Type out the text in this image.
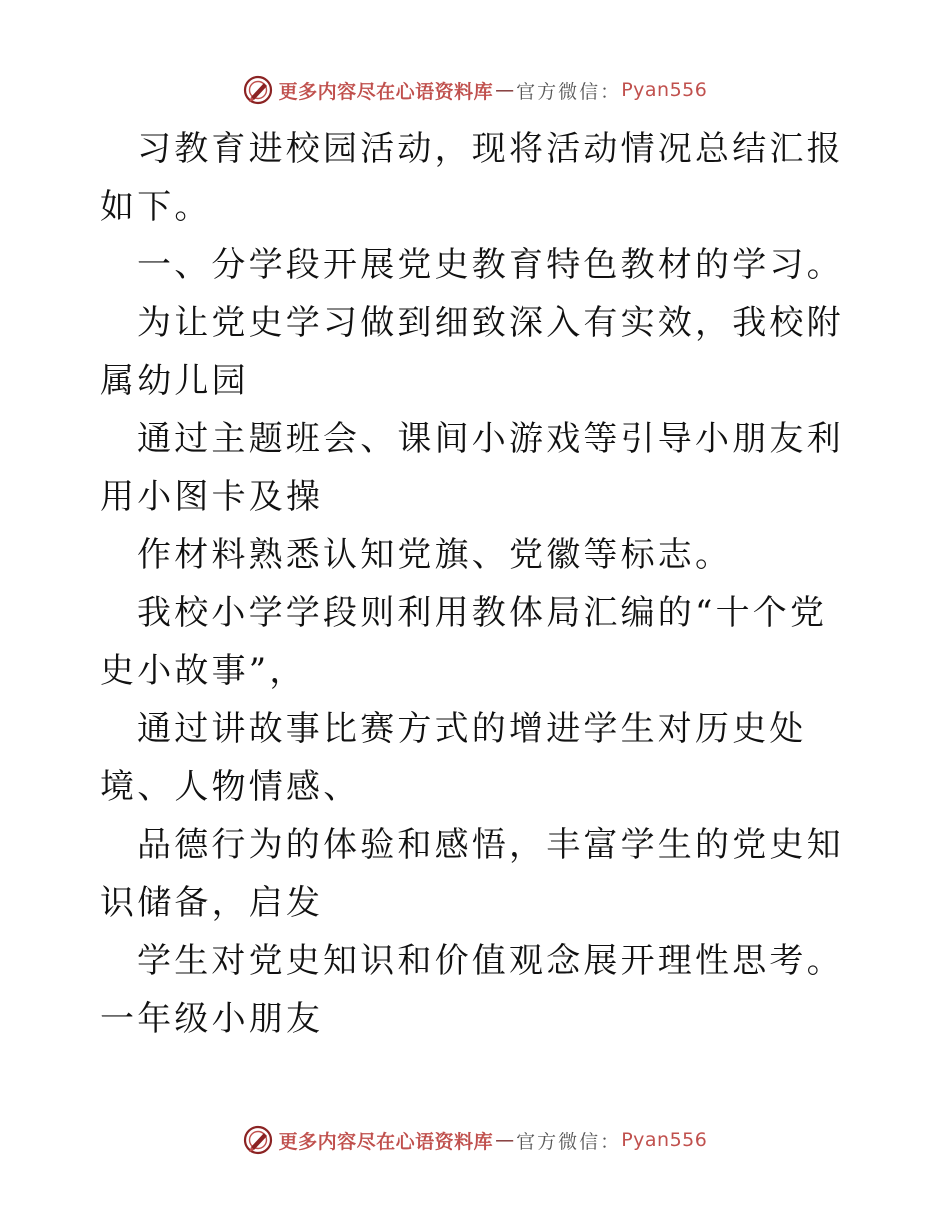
更多内容尽在心语资料库 — 官方微信： Pyan556

习教育进校园活动，现将活动情况总结汇报如下。

一、分学段开展党史教育特色教材的学习。

为让党史学习做到细致深入有实效，我校附属幼儿园

通过主题班会、课间小游戏等引导小朋友利用小图卡及操

作材料熟悉认知党旗、党徽等标志。

我校小学学段则利用教体局汇编的“十个党史小故事”，

通过讲故事比赛方式的增进学生对历史处境、人物情感、

品德行为的体验和感悟，丰富学生的党史知识储备，启发

学生对党史知识和价值观念展开理性思考。一年级小朋友

更多内容尽在心语资料库 — 官方微信： Pyan556
